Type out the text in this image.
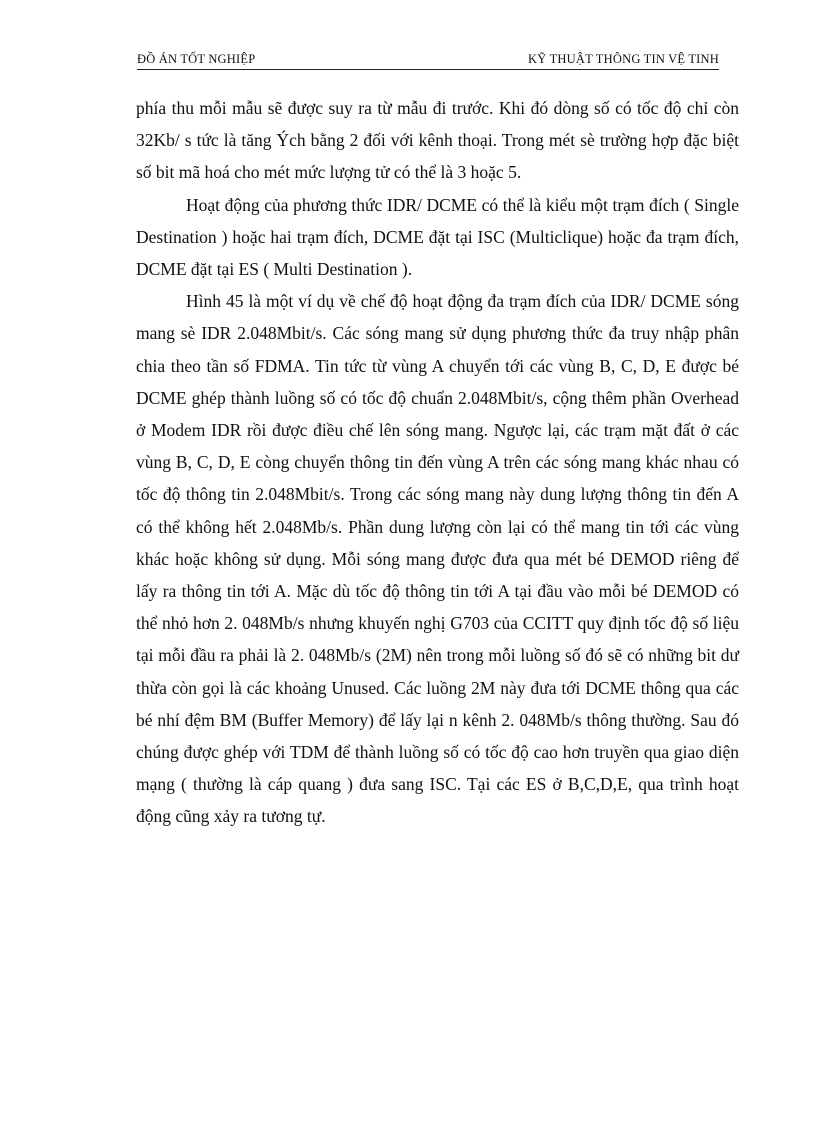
ĐỒ ÁN TỐT NGHIỆP	KỸ THUẬT THÔNG TIN VỆ TINH

phía thu mỗi mẫu sẽ được suy ra từ mẫu đi trước. Khi đó dòng số có tốc độ chỉ còn 32Kb/ s tức là tăng Ých bằng 2 đối với kênh thoại. Trong mét sè trường hợp đặc biệt số bit mã hoá cho mét mức lượng tử có thể là 3 hoặc 5.

Hoạt động của phương thức IDR/ DCME có thể là kiểu một trạm đích ( Single Destination ) hoặc hai trạm đích, DCME đặt tại ISC (Multiclique) hoặc đa trạm đích, DCME đặt tại ES ( Multi Destination ).

Hình 45 là một ví dụ về chế độ hoạt động đa trạm đích của IDR/ DCME sóng mang sè IDR 2.048Mbit/s. Các sóng mang sử dụng phương thức đa truy nhập phân chia theo tần số FDMA. Tin tức từ vùng A chuyển tới các vùng B, C, D, E được bé DCME ghép thành luồng số có tốc độ chuẩn 2.048Mbit/s, cộng thêm phần Overhead ở Modem IDR rồi được điều chế lên sóng mang. Ngược lại, các trạm mặt đất ở các vùng B, C, D, E còng chuyển thông tin đến vùng A trên các sóng mang khác nhau có tốc độ thông tin 2.048Mbit/s. Trong các sóng mang này dung lượng thông tin đến A có thể không hết 2.048Mb/s. Phần dung lượng còn lại có thể mang tin tới các vùng khác hoặc không sử dụng. Mỗi sóng mang được đưa qua mét bé DEMOD riêng để lấy ra thông tin tới A. Mặc dù tốc độ thông tin tới A tại đầu vào mỗi bé DEMOD có thể nhỏ hơn 2. 048Mb/s nhưng khuyến nghị G703 của CCITT quy định tốc độ số liệu tại mỗi đầu ra phải là 2. 048Mb/s (2M) nên trong mỗi luồng số đó sẽ có những bit dư thừa còn gọi là các khoảng Unused. Các luồng 2M này đưa tới DCME thông qua các bé nhí đệm BM (Buffer Memory) để lấy lại n kênh 2. 048Mb/s thông thường. Sau đó chúng được ghép với TDM để thành luồng số có tốc độ cao hơn truyền qua giao diện mạng ( thường là cáp quang ) đưa sang ISC. Tại các ES ở B,C,D,E, qua trình hoạt động cũng xảy ra tương tự.
